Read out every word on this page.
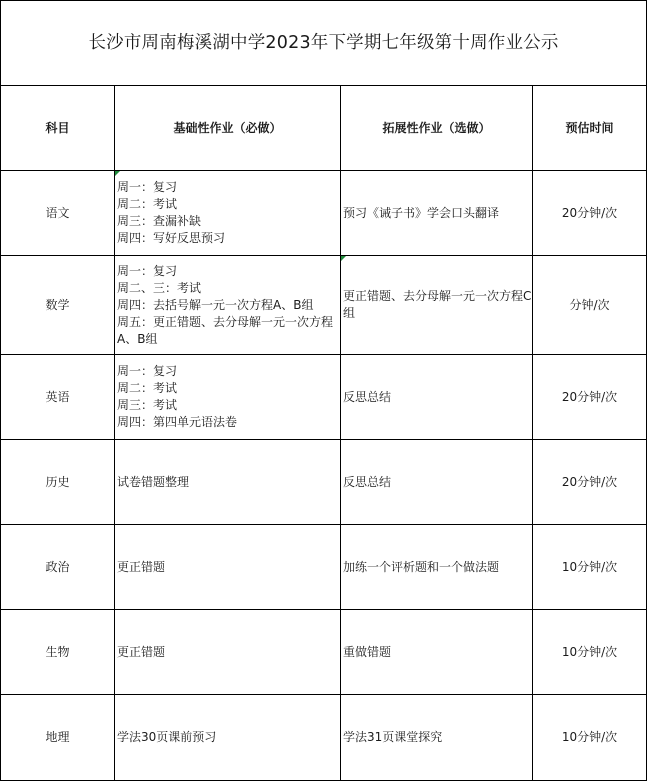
长沙市周南梅溪湖中学2023年下学期七年级第十周作业公示			
科目	基础性作业（必做）	拓展性作业（选做）	预估时间
语文	周一：复习
周二：考试
周三：查漏补缺
周四：写好反思预习	预习《诫子书》学会口头翻译	20分钟/次
数学	周一：复习
周二、三：考试
周四：去括号解一元一次方程A、B组
周五：更正错题、去分母解一元一次方程A、B组	更正错题、去分母解一元一次方程C组	分钟/次
英语	周一：复习
周二：考试
周三：考试
周四：第四单元语法卷	反思总结	20分钟/次
历史	试卷错题整理	反思总结	20分钟/次
政治	更正错题	加练一个评析题和一个做法题	10分钟/次
生物	更正错题	重做错题	10分钟/次
地理	学法30页课前预习	学法31页课堂探究	10分钟/次
